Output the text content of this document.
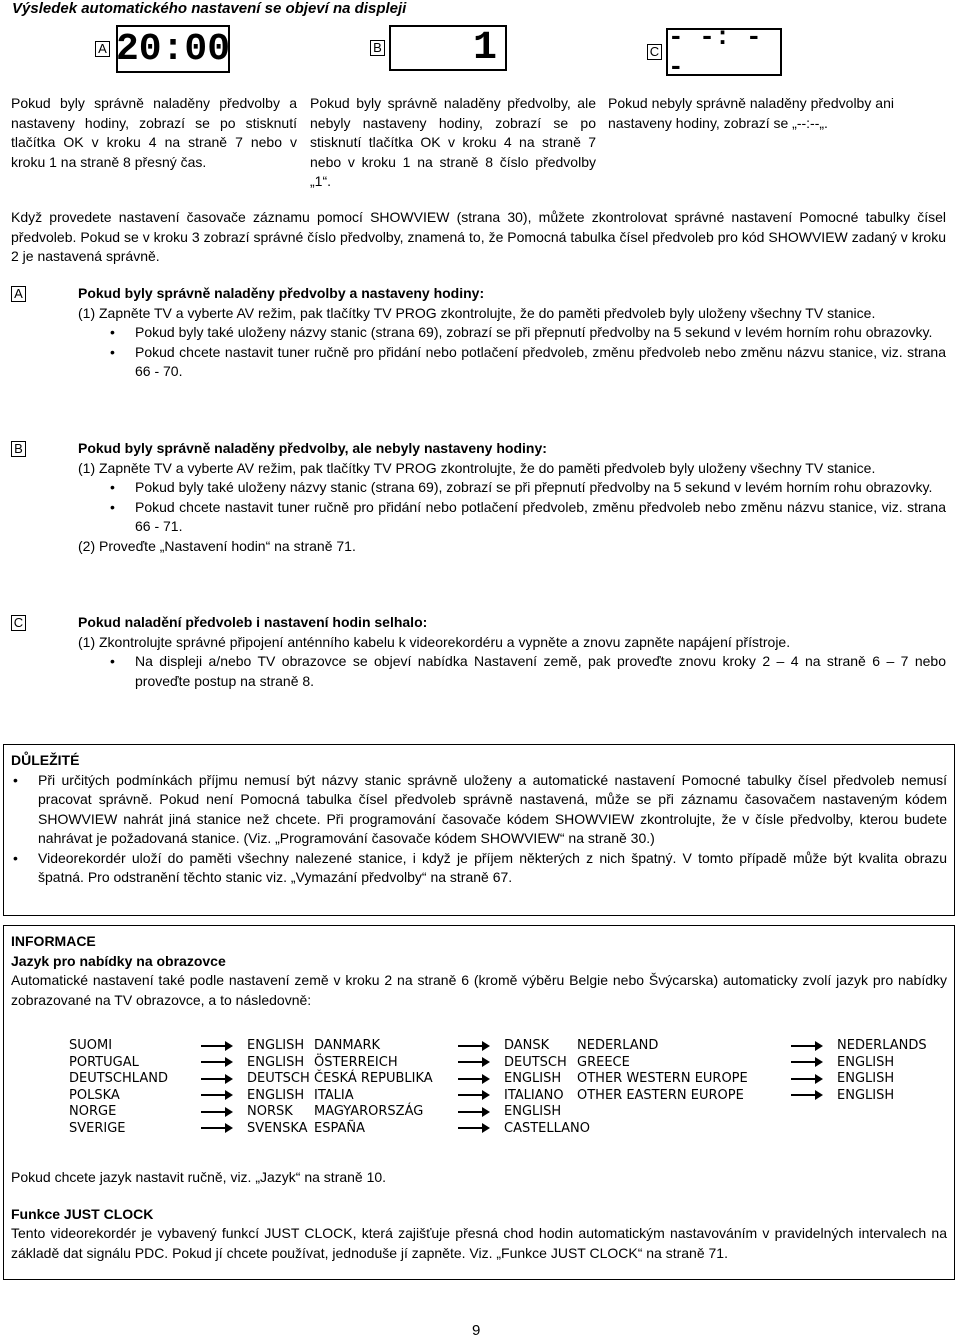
Výsledek automatického nastavení se objeví na displeji
A 20:00	B	1	C - -: - -
Pokud byly správně naladěny předvolby a nastaveny hodiny, zobrazí se po stisknutí tlačítka OK v kroku 4 na straně 7 nebo v kroku 1 na straně 8 přesný čas.
Pokud byly správně naladěny předvolby, ale nebyly nastaveny hodiny, zobrazí se po stisknutí tlačítka OK v kroku 4 na straně 7 nebo v kroku 1 na straně 8 číslo předvolby „1“.
Pokud nebyly správně naladěny předvolby ani nastaveny hodiny, zobrazí se „--:--„.
Když provedete nastavení časovače záznamu pomocí SHOWVIEW (strana 30), můžete zkontrolovat správné nastavení Pomocné tabulky čísel předvoleb. Pokud se v kroku 3 zobrazí správné číslo předvolby, znamená to, že Pomocná tabulka čísel předvoleb pro kód SHOWVIEW zadaný v kroku 2 je nastavená správně.
A	Pokud byly správně naladěny předvolby a nastaveny hodiny:
(1) Zapněte TV a vyberte AV režim, pak tlačítky TV PROG zkontrolujte, že do paměti předvoleb byly uloženy všechny TV stanice.
• Pokud byly také uloženy názvy stanic (strana 69), zobrazí se při přepnutí předvolby na 5 sekund v levém horním rohu obrazovky.
• Pokud chcete nastavit tuner ručně pro přidání nebo potlačení předvoleb, změnu předvoleb nebo změnu názvu stanice, viz. strana 66 - 70.
B	Pokud byly správně naladěny předvolby, ale nebyly nastaveny hodiny:
(1) Zapněte TV a vyberte AV režim, pak tlačítky TV PROG zkontrolujte, že do paměti předvoleb byly uloženy všechny TV stanice.
• Pokud byly také uloženy názvy stanic (strana 69), zobrazí se při přepnutí předvolby na 5 sekund v levém horním rohu obrazovky.
• Pokud chcete nastavit tuner ručně pro přidání nebo potlačení předvoleb, změnu předvoleb nebo změnu názvu stanice, viz. strana 66 - 71.
(2) Proveďte „Nastavení hodin“ na straně 71.
C	Pokud naladění předvoleb i nastavení hodin selhalo:
(1) Zkontrolujte správné připojení anténního kabelu k videorekordéru a vypněte a znovu zapněte napájení přístroje.
• Na displeji a/nebo TV obrazovce se objeví nabídka Nastavení země, pak proveďte znovu kroky 2 – 4 na straně 6 – 7 nebo proveďte postup na straně 8.
DŮLEŽITÉ
• Při určitých podmínkách příjmu nemusí být názvy stanic správně uloženy a automatické nastavení Pomocné tabulky čísel předvoleb nemusí pracovat správně. Pokud není Pomocná tabulka čísel předvoleb správně nastavená, může se při záznamu časovačem nastaveným kódem SHOWVIEW nahrát jiná stanice než chcete. Při programování časovače kódem SHOWVIEW zkontrolujte, že v čísle předvolby, kterou budete nahrávat je požadovaná stanice. (Viz. „Programování časovače kódem SHOWVIEW“ na straně 30.)
• Videorekordér uloží do paměti všechny nalezené stanice, i když je příjem některých z nich špatný. V tomto případě může být kvalita obrazu špatná. Pro odstranění těchto stanic viz. „Vymazání předvolby“ na straně 67.
INFORMACE
Jazyk pro nabídky na obrazovce
Automatické nastavení také podle nastavení země v kroku 2 na straně 6 (kromě výběru Belgie nebo Švýcarska) automaticky zvolí jazyk pro nabídky zobrazované na TV obrazovce, a to následovně:
SUOMI		ENGLISH
PORTUGAL		ENGLISH
DEUTSCHLAND		DEUTSCH
POLSKA		ENGLISH
NORGE		NORSK
SVERIGE		SVENSKA
DANMARK		DANSK
ÖSTERREICH		DEUTSCH
ČESKÁ REPUBLIKA		ENGLISH
ITALIA		ITALIANO
MAGYARORSZÁG		ENGLISH
ESPAÑA		CASTELLANO
NEDERLAND		NEDERLANDS
GREECE		ENGLISH
OTHER WESTERN EUROPE		ENGLISH
OTHER EASTERN EUROPE		ENGLISH
Pokud chcete jazyk nastavit ručně, viz. „Jazyk“ na straně 10.
Funkce JUST CLOCK
Tento videorekordér je vybavený funkcí JUST CLOCK, která zajišťuje přesná chod hodin automatickým nastavováním v pravidelných intervalech na základě dat signálu PDC. Pokud jí chcete používat, jednoduše jí zapněte. Viz. „Funkce JUST CLOCK“ na straně 71.
9
